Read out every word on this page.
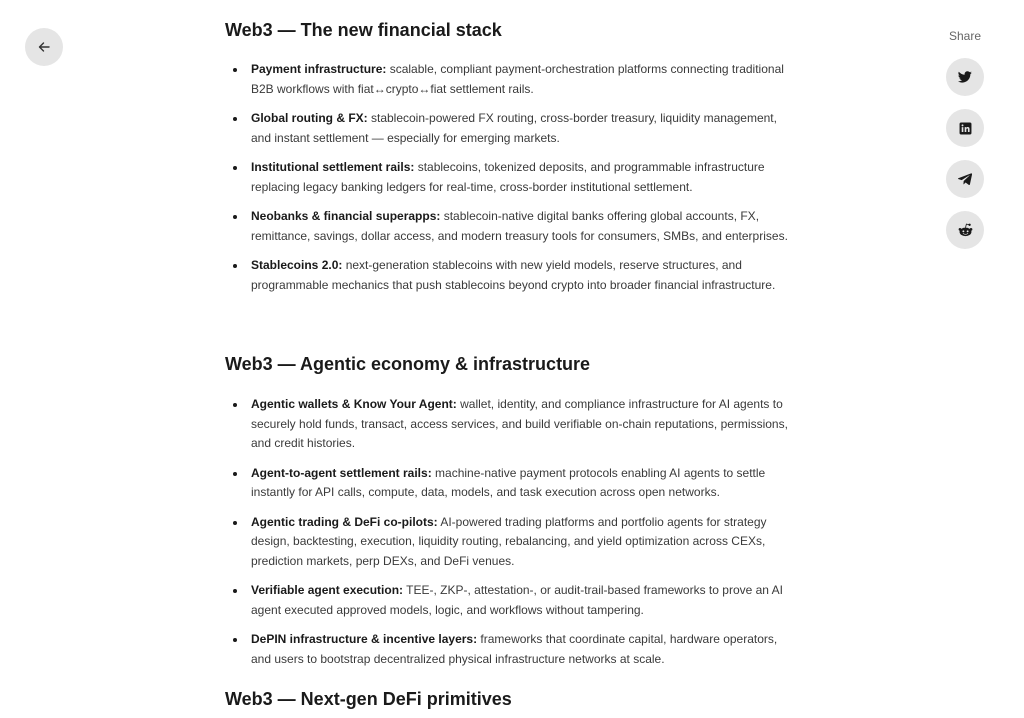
Web3 — The new financial stack
Payment infrastructure: scalable, compliant payment-orchestration platforms connecting traditional B2B workflows with fiat↔crypto↔fiat settlement rails.
Global routing & FX: stablecoin-powered FX routing, cross-border treasury, liquidity management, and instant settlement — especially for emerging markets.
Institutional settlement rails: stablecoins, tokenized deposits, and programmable infrastructure replacing legacy banking ledgers for real-time, cross-border institutional settlement.
Neobanks & financial superapps: stablecoin-native digital banks offering global accounts, FX, remittance, savings, dollar access, and modern treasury tools for consumers, SMBs, and enterprises.
Stablecoins 2.0: next-generation stablecoins with new yield models, reserve structures, and programmable mechanics that push stablecoins beyond crypto into broader financial infrastructure.
Web3 — Agentic economy & infrastructure
Agentic wallets & Know Your Agent: wallet, identity, and compliance infrastructure for AI agents to securely hold funds, transact, access services, and build verifiable on-chain reputations, permissions, and credit histories.
Agent-to-agent settlement rails: machine-native payment protocols enabling AI agents to settle instantly for API calls, compute, data, models, and task execution across open networks.
Agentic trading & DeFi co-pilots: AI-powered trading platforms and portfolio agents for strategy design, backtesting, execution, liquidity routing, rebalancing, and yield optimization across CEXs, prediction markets, perp DEXs, and DeFi venues.
Verifiable agent execution: TEE-, ZKP-, attestation-, or audit-trail-based frameworks to prove an AI agent executed approved models, logic, and workflows without tampering.
DePIN infrastructure & incentive layers: frameworks that coordinate capital, hardware operators, and users to bootstrap decentralized physical infrastructure networks at scale.
Web3 — Next-gen DeFi primitives
Share
